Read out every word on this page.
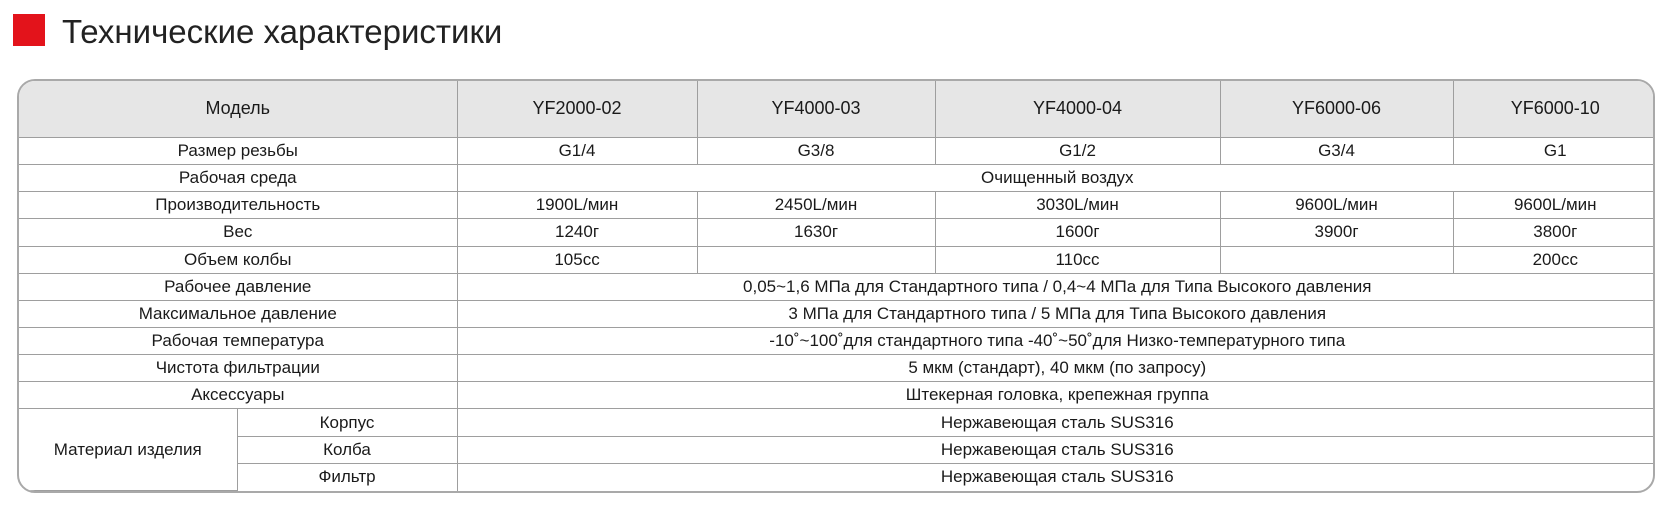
Технические характеристики
Модель		YF2000-02	YF4000-03	YF4000-04	YF6000-06	YF6000-10
Размер резьбы		G1/4	G3/8	G1/2	G3/4	G1
Рабочая среда		Очищенный воздух				
Производительность		1900L/мин	2450L/мин	3030L/мин	9600L/мин	9600L/мин
Вес		1240г	1630г	1600г	3900г	3800г
Объем колбы		105cc		110cc		200cc
Рабочее давление		0,05~1,6 МПа для Стандартного типа / 0,4~4 МПа для Типа Высокого давления				
Максимальное давление		3 МПа для Стандартного типа / 5 МПа для Типа Высокого давления				
Рабочая температура		-10˚~100˚для стандартного типа -40˚~50˚для Низко-температурного типа				
Чистота фильтрации		5 мкм (стандарт), 40 мкм (по запросу)				
Аксессуары		Штекерная головка, крепежная группа				
Материал изделия	Корпус	Нержавеющая сталь SUS316				
	Колба	Нержавеющая сталь SUS316				
	Фильтр	Нержавеющая сталь SUS316				
